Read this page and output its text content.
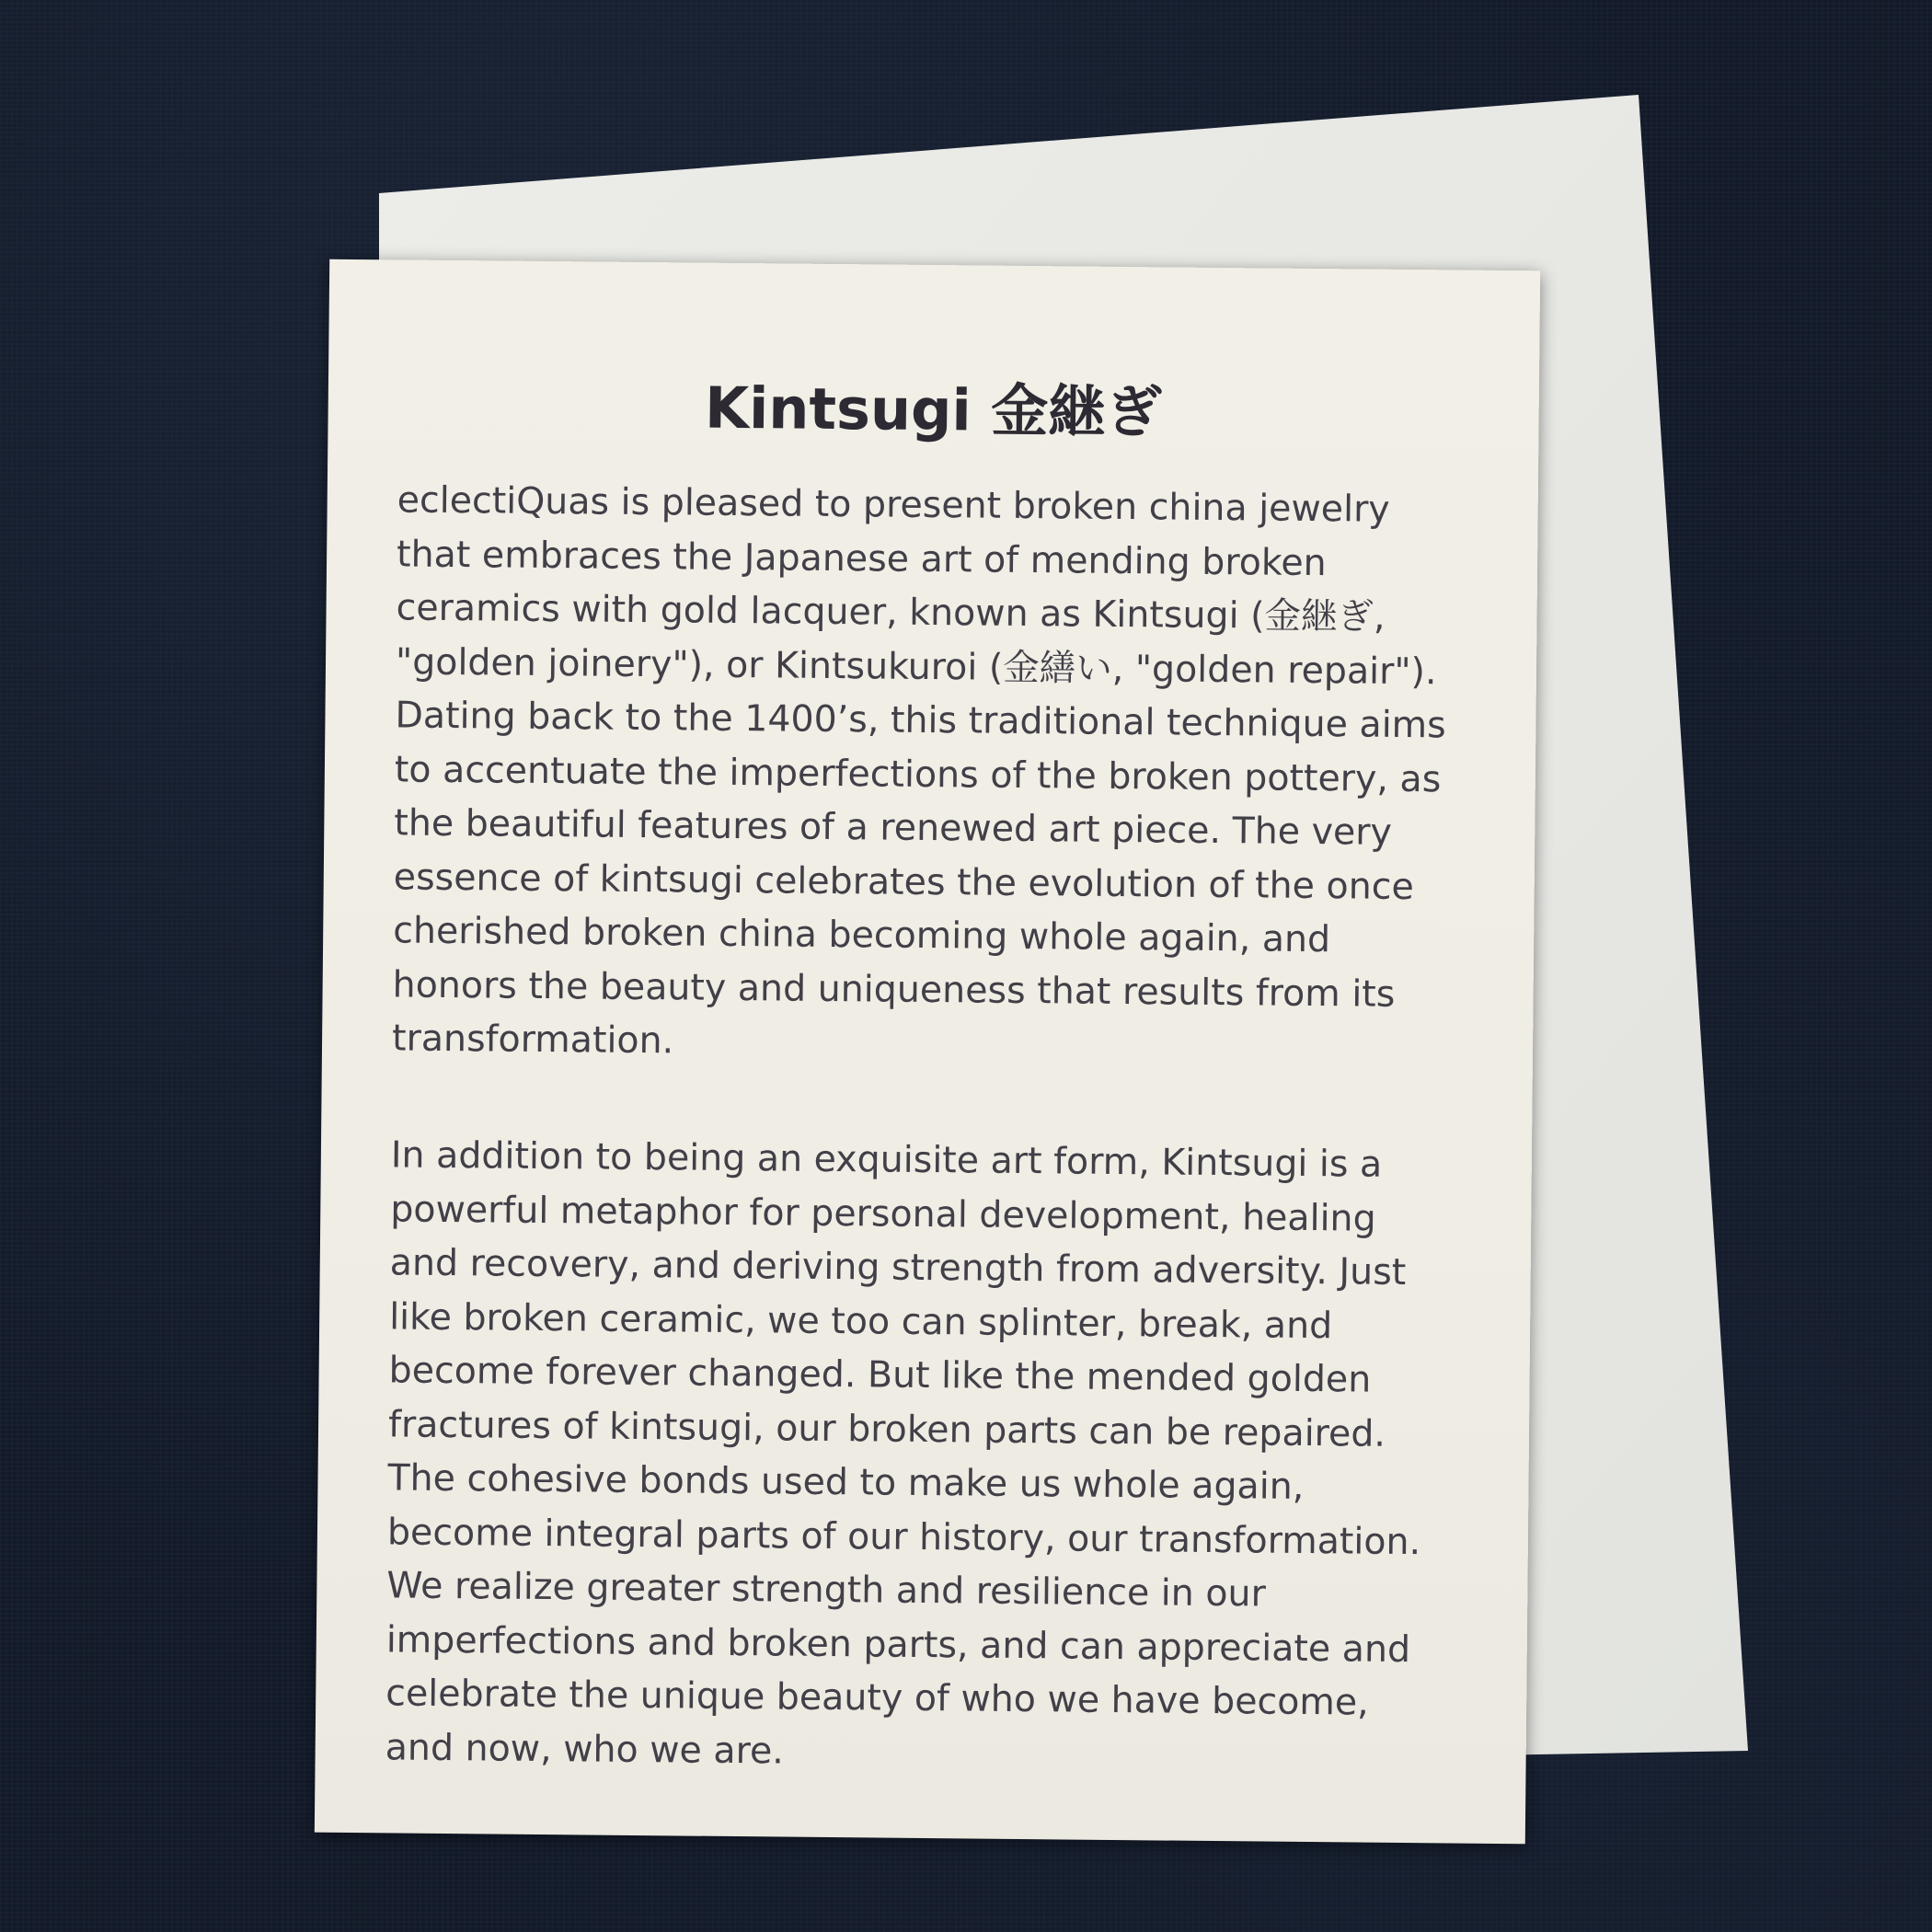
Kintsugi 金継ぎ
eclectiQuas is pleased to present broken china jewelry
that embraces the Japanese art of mending broken
ceramics with gold lacquer, known as Kintsugi (金継ぎ,
"golden joinery"), or Kintsukuroi (金繕い, "golden repair").
Dating back to the 1400’s, this traditional technique aims
to accentuate the imperfections of the broken pottery, as
the beautiful features of a renewed art piece. The very
essence of kintsugi celebrates the evolution of the once
cherished broken china becoming whole again, and
honors the beauty and uniqueness that results from its
transformation.
In addition to being an exquisite art form, Kintsugi is a
powerful metaphor for personal development, healing
and recovery, and deriving strength from adversity. Just
like broken ceramic, we too can splinter, break, and
become forever changed. But like the mended golden
fractures of kintsugi, our broken parts can be repaired.
The cohesive bonds used to make us whole again,
become integral parts of our history, our transformation.
We realize greater strength and resilience in our
imperfections and broken parts, and can appreciate and
celebrate the unique beauty of who we have become,
and now, who we are.
